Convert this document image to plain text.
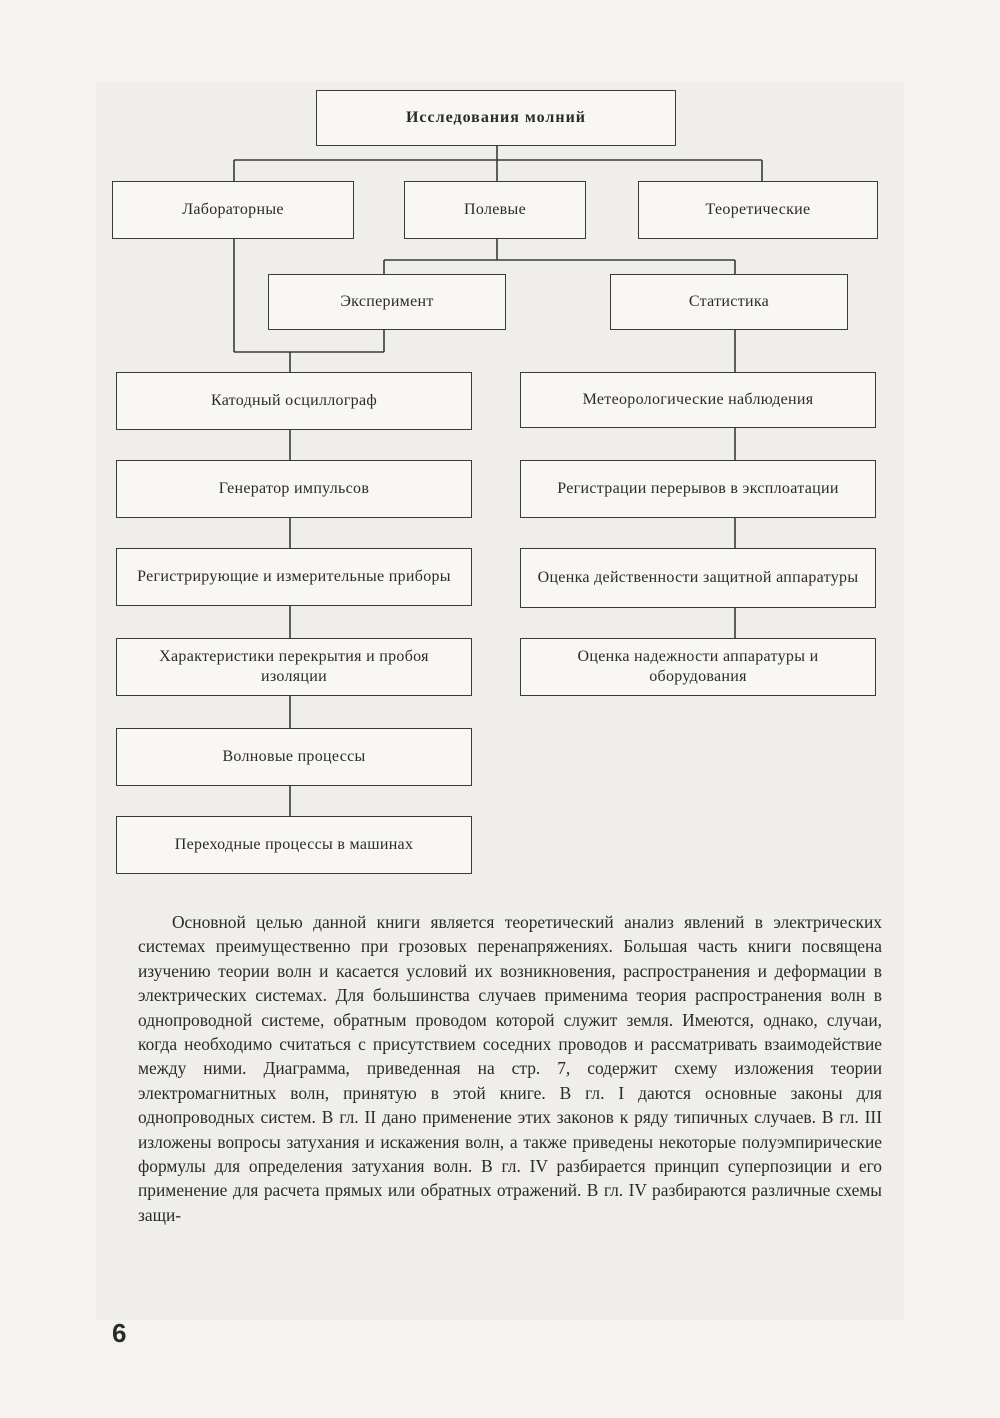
Исследования молний
Лабораторные	Полевые	Теоретические
Эксперимент	Статистика
Катодный осциллограф
Генератор импульсов
Регистрирующие и измерительные приборы
Характеристики перекрытия и пробоя изоляции
Волновые процессы
Переходные процессы в машинах
Метеорологические наблюдения
Регистрации перерывов в эксплоатации
Оценка действенности защитной аппаратуры
Оценка надежности аппаратуры и оборудования

Основной целью данной книги является теоретический анализ явлений в электрических системах преимущественно при грозовых перенапряжениях. Большая часть книги посвящена изучению теории волн и касается условий их возникновения, распространения и деформации в электрических системах. Для большинства случаев применима теория распространения волн в однопроводной системе, обратным проводом которой служит земля. Имеются, однако, случаи, когда необходимо считаться с присутствием соседних проводов и рассматривать взаимодействие между ними. Диаграмма, приведенная на стр. 7, содержит схему изложения теории электромагнитных волн, принятую в этой книге. В гл. I даются основные законы для однопроводных систем. В гл. II дано применение этих законов к ряду типичных случаев. В гл. III изложены вопросы затухания и искажения волн, а также приведены некоторые полуэмпирические формулы для определения затухания волн. В гл. IV разбирается принцип суперпозиции и его применение для расчета прямых или обратных отражений. В гл. IV разбираются различные схемы защи-

6
